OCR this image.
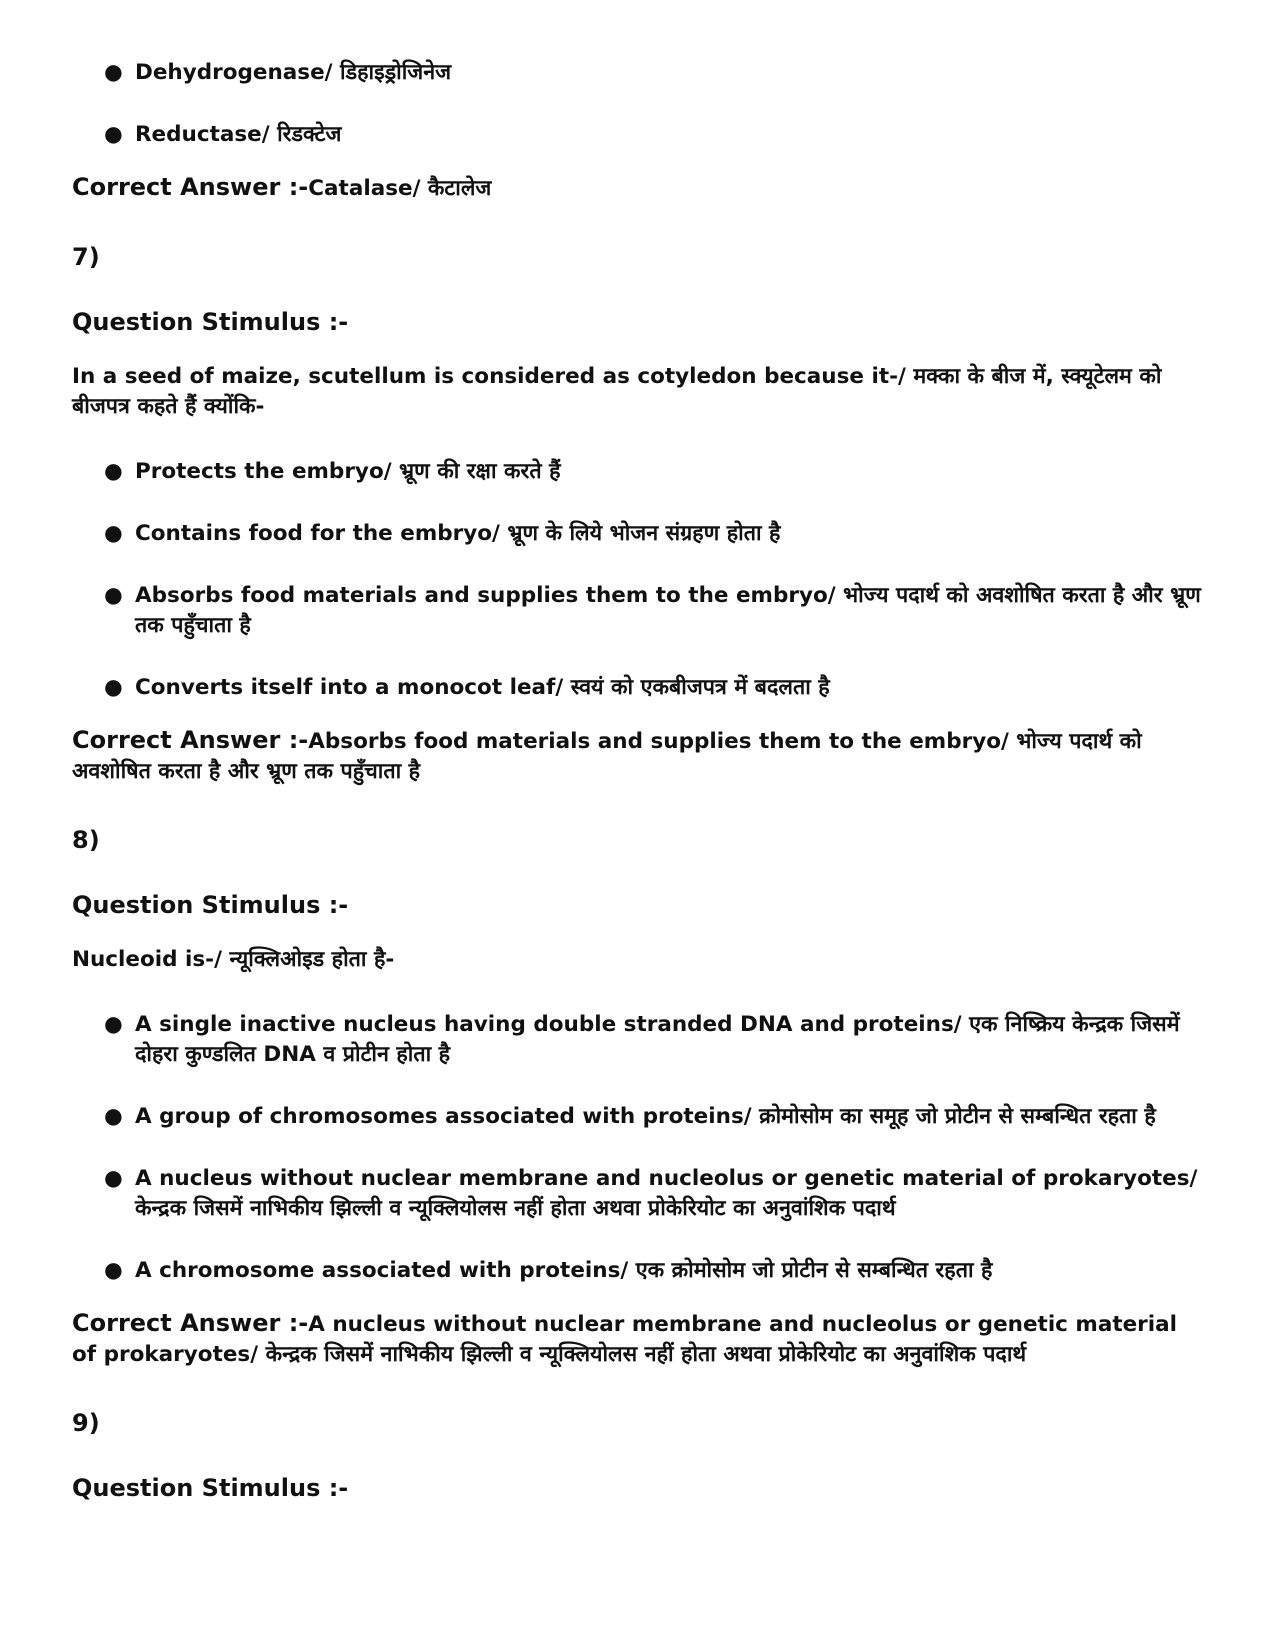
● Dehydrogenase/ डिहाइड्रोजिनेज
● Reductase/ रिडक्टेज
Correct Answer :-Catalase/ कैटालेज
7)
Question Stimulus :-
In a seed of maize, scutellum is considered as cotyledon because it-/ मक्का के बीज में, स्क्यूटेलम को बीजपत्र कहते हैं क्योंकि-
● Protects the embryo/ भ्रूण की रक्षा करते हैं
● Contains food for the embryo/ भ्रूण के लिये भोजन संग्रहण होता है
● Absorbs food materials and supplies them to the embryo/ भोज्य पदार्थ को अवशोषित करता है और भ्रूण तक पहुँचाता है
● Converts itself into a monocot leaf/ स्वयं को एकबीजपत्र में बदलता है
Correct Answer :-Absorbs food materials and supplies them to the embryo/ भोज्य पदार्थ को अवशोषित करता है और भ्रूण तक पहुँचाता है
8)
Question Stimulus :-
Nucleoid is-/ न्यूक्लिओइड होता है-
● A single inactive nucleus having double stranded DNA and proteins/ एक निष्क्रिय केन्द्रक जिसमें दोहरा कुण्डलित DNA व प्रोटीन होता है
● A group of chromosomes associated with proteins/ क्रोमोसोम का समूह जो प्रोटीन से सम्बन्धित रहता है
● A nucleus without nuclear membrane and nucleolus or genetic material of prokaryotes/ केन्द्रक जिसमें नाभिकीय झिल्ली व न्यूक्लियोलस नहीं होता अथवा प्रोकेरियोट का अनुवांशिक पदार्थ
● A chromosome associated with proteins/ एक क्रोमोसोम जो प्रोटीन से सम्बन्धित रहता है
Correct Answer :-A nucleus without nuclear membrane and nucleolus or genetic material of prokaryotes/ केन्द्रक जिसमें नाभिकीय झिल्ली व न्यूक्लियोलस नहीं होता अथवा प्रोकेरियोट का अनुवांशिक पदार्थ
9)
Question Stimulus :-
